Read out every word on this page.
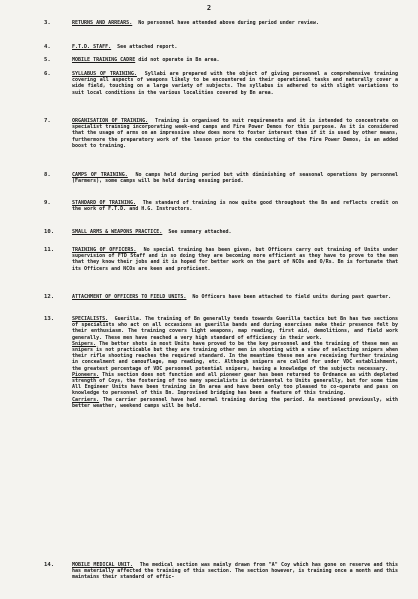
2
3.	RETURNS AND ARREARS. No personnel have attended above during period under review.
4.	F.T.D. STAFF. See attached report.
5.	MOBILE TRAINING CADRE did not operate in Bn area.
6.	SYLLABUS OF TRAINING. Syllabi are prepared with the object of giving personnel a comprehensive training covering all aspects of weapons likely to be encountered in their operational tasks and naturally cover a wide field, touching on a large variety of subjects. The syllabus is adhered to with slight variations to suit local conditions in the various localities covered by Bn area.
7.	ORGANISATION OF TRAINING. Training is organised to suit requirements and it is intended to concentrate on specialist training incorporating week-end camps and Fire Power Demos for this purpose. As it is considered that the usage of arms on an impressive show does more to foster interest than if it is used by other means, furthermore the preparatory work of the lesson prior to the conducting of the Fire Power Demos, is an added boost to training.
8.	CAMPS OF TRAINING. No camps held during period but with diminishing of seasonal operations by personnel (Farmers), some camps will be held during ensuing period.
9.	STANDARD OF TRAINING. The standard of training is now quite good throughout the Bn and reflects credit on the work of F.T.D. and H.G. Instructors.
10.	SMALL ARMS & WEAPONS PRACTICE. See summary attached.
11.	TRAINING OF OFFICERS. No special training has been given, but Officers carry out training of Units under supervision of FTD Staff and in so doing they are becoming more efficient as they have to prove to the men that they know their jobs and it is hoped for better work on the part of NCOs and O/Rs. Bn is fortunate that its Officers and NCOs are keen and proficient.
12.	ATTACHMENT OF OFFICERS TO FIELD UNITS. No Officers have been attached to field units during past quarter.
13.	SPECIALISTS. Guerilla. The training of Bn generally tends towards Guerilla tactics but Bn has two sections of specialists who act on all occasions as guerilla bands and during exercises make their presence felt by their enthusiasm. The training covers light weapons, map reading, first aid, demolitions, and field work generally. These men have reached a very high standard of efficiency in their work.
Snipers. The better shots in most Units have proved to be the key personnel and the training of these men as snipers is not practicable but they are training other men in shooting with a view of selecting snipers when their rifle shooting reaches the required standard. In the meantime these men are receiving further training in concealment and camouflage, map reading, etc. Although snipers are called for under VDC establishment, the greatest percentage of VDC personnel potential snipers, having a knowledge of the subjects necessary.
Pioneers. This section does not function and all pioneer gear has been returned to Ordnance as with depleted strength of Coys, the fostering of too many specialists is detrimental to Units generally, but for some time All Engineer Units have been training in Bn area and have been only too pleased to co-operate and pass on knowledge to personnel of this Bn. Improvised bridging has been a feature of this training.
Carriers. The carrier personnel have had normal training during the period. As mentioned previously, with better weather, weekend camps will be held.
14.	MOBILE MEDICAL UNIT. The medical section was mainly drawn from "A" Coy which has gone on reserve and this has materially affected the training of this section. The section however, is training once a month and this maintains their standard of effic-
